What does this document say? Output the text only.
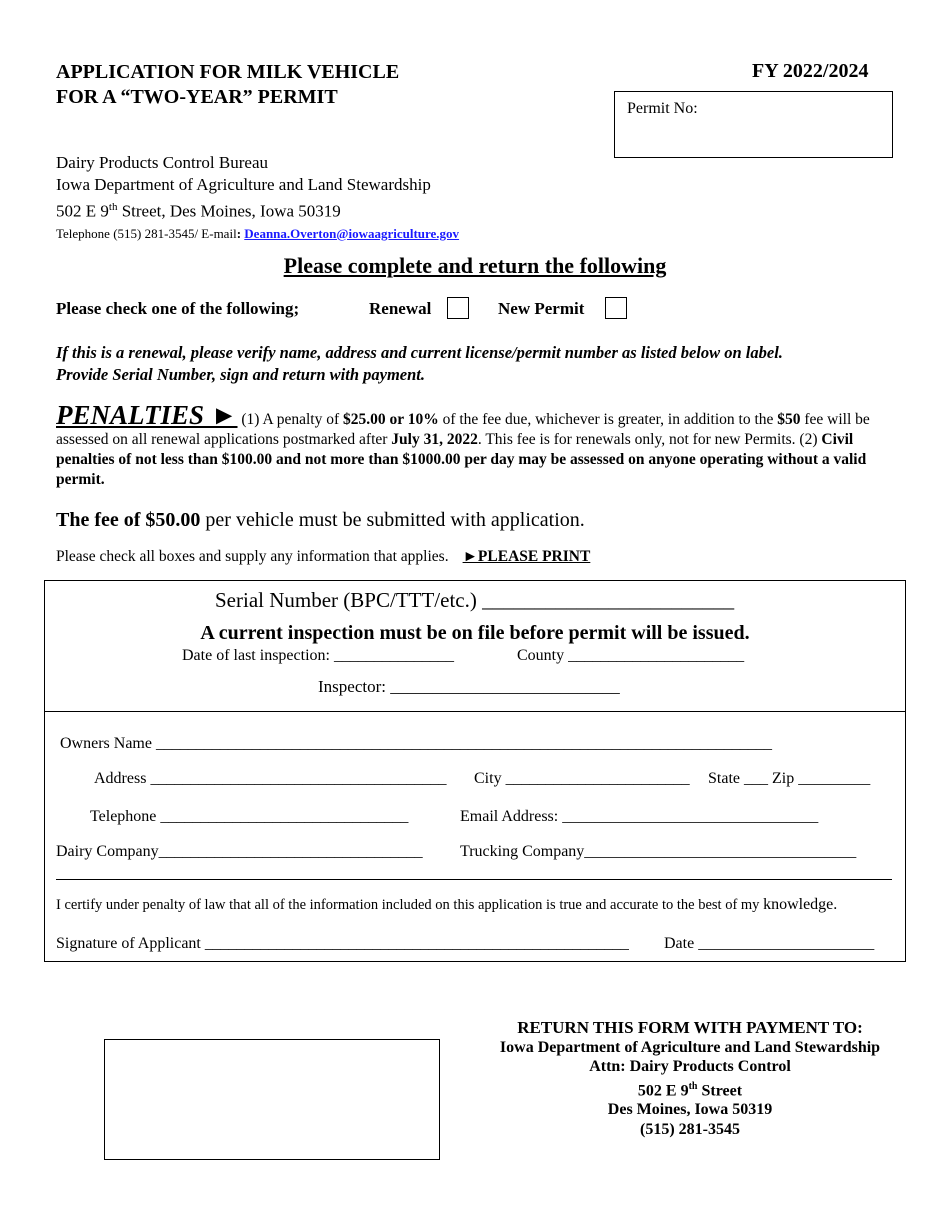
APPLICATION FOR MILK VEHICLE
FOR A “TWO-YEAR” PERMIT
FY 2022/2024
Permit No:
Dairy Products Control Bureau
Iowa Department of Agriculture and Land Stewardship
502 E 9th Street, Des Moines, Iowa 50319
Telephone (515) 281-3545/ E-mail: Deanna.Overton@iowaagriculture.gov
Please complete and return the following
Please check one of the following;	Renewal	New Permit
If this is a renewal, please verify name, address and current license/permit number as listed below on label.
Provide Serial Number, sign and return with payment.
PENALTIES ► (1) A penalty of $25.00 or 10% of the fee due, whichever is greater, in addition to the $50 fee will be assessed on all renewal applications postmarked after July 31, 2022. This fee is for renewals only, not for new Permits. (2) Civil penalties of not less than $100.00 and not more than $1000.00 per day may be assessed on anyone operating without a valid permit.
The fee of $50.00 per vehicle must be submitted with application.
Please check all boxes and supply any information that applies. ►PLEASE PRINT
Serial Number (BPC/TTT/etc.) ________________________
A current inspection must be on file before permit will be issued.
Date of last inspection: _______________	County ______________________
Inspector: ___________________________
Owners Name _____________________________________________________________________________
Address _____________________________________ City _______________________ State ___ Zip _________
Telephone _______________________________	Email Address: ________________________________
Dairy Company_________________________________ Trucking Company__________________________________
I certify under penalty of law that all of the information included on this application is true and accurate to the best of my knowledge.
Signature of Applicant _____________________________________________________ Date ______________________
RETURN THIS FORM WITH PAYMENT TO:
Iowa Department of Agriculture and Land Stewardship
Attn: Dairy Products Control
502 E 9th Street
Des Moines, Iowa 50319
(515) 281-3545
